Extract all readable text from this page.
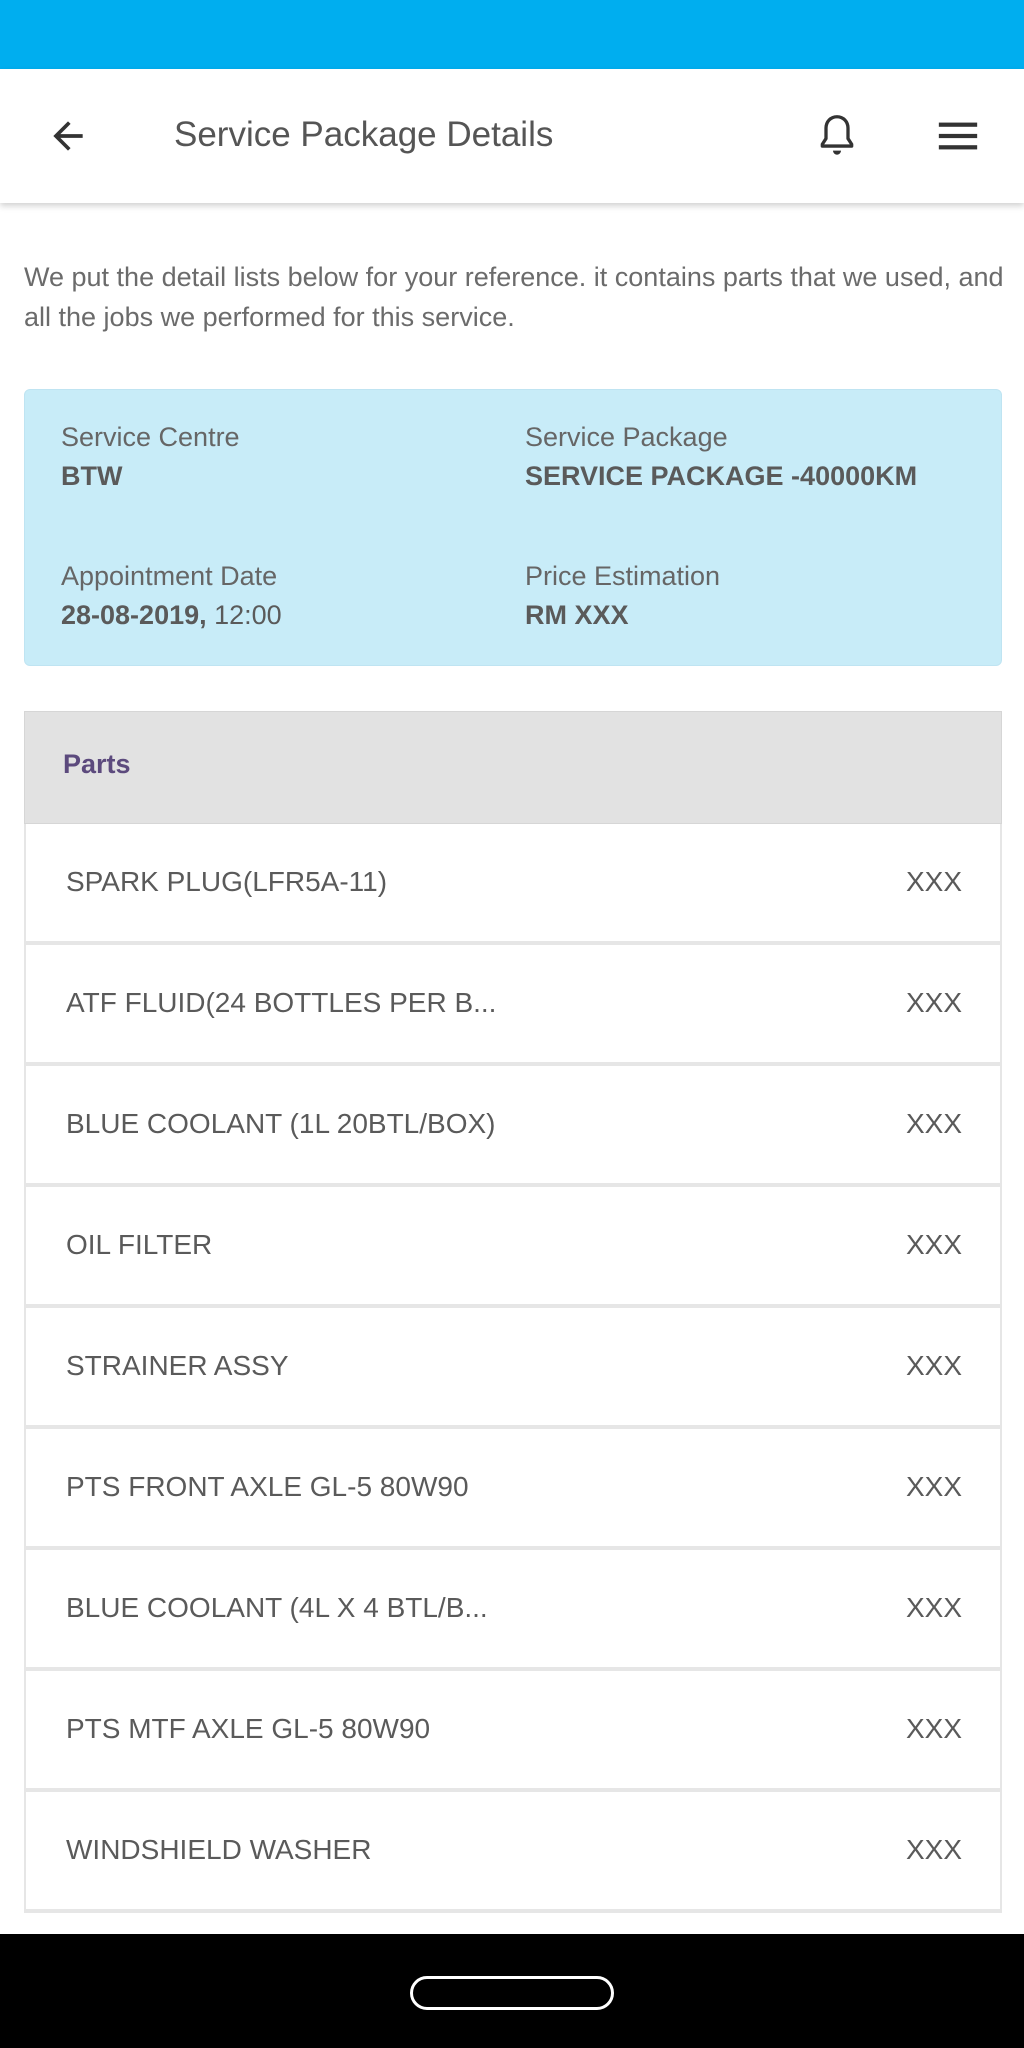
Service Package Details

We put the detail lists below for your reference. it contains parts that we used, and all the jobs we performed for this service.

Service Centre
BTW
Service Package
SERVICE PACKAGE -40000KM
Appointment Date
28-08-2019, 12:00
Price Estimation
RM XXX
Parts
SPARK PLUG(LFR5A-11)	XXX
ATF FLUID(24 BOTTLES PER B...	XXX
BLUE COOLANT (1L 20BTL/BOX)	XXX
OIL FILTER	XXX
STRAINER ASSY	XXX
PTS FRONT AXLE GL-5 80W90	XXX
BLUE COOLANT (4L X 4 BTL/B...	XXX
PTS MTF AXLE GL-5 80W90	XXX
WINDSHIELD WASHER	XXX
